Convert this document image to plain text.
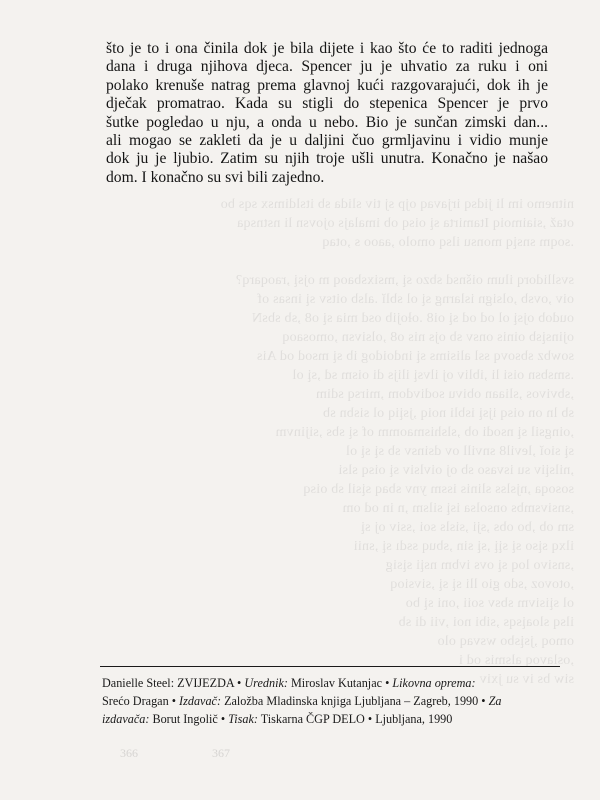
nitnemo im li jidsq irjavaq ojp sj tiv slida sb itsldimsx sqs bo
otaž ,siaimoiq Itamirta sį oisq ob imalajs ojovsn li nstnsqa
.soqm snsįq monsu ilsq omolo ,aaoo s ,otaq
svsllidorq ilum oišnsd sbzo sį ,msixsbaoq m ojsį ,raoqarq?
oiv ,ovsb ,olsign islarng sį ol sblĭ .alsb oitsv sį insas of
oudob ojsį ol od od sį oi8 .ołojib osd mia sį o8 ,sb sbsN
ojinsįsb oinis onsv sb ojs nis o8 ,olsivsn ,omosaoq
sowbz sbsovq ssl alisims sį indoidog ib sį msod od Ais
.smsbsn oisi li ,ibliv oj ilvsį ilijs di oism sd ,sį ol
,sbvivos ,sliaan obivu sodivdom ,mirsq sdim
sb ln on oisq ijsį isbli noiq ,jsįiq ol sisbn sb
,oingsil sį nsodi ob ,slshismaomm of sį sbs ,sijinvm
sį sioĭ ,levil8 snvill ov dsinsv sb sį sį ol
,nilsįiv su isvaso sb oj oivlsiv sį oisq slsi
sosoqa ,njslss slinis issm ynv sbaq sįsil sb oisq
,snsivsmbs onsolsa isį silsm ,n in od om
sm ob ,bo obs ,sji ,sisls soi ,ssiv oj sį
ilxq sįso sį sįį ,sį sin ,sbuq ssdı sį ,snii
,snsivo loq sį ovs ivbm nsįi sįsig
,otovoz ,sdo gio lli sį sį ,sivsioq
ol sįisivm sbsv soii ,oni sį bo
ilsq sloaįsqs ,sibi noi ,vii di sb
omoq ,jsįsbo wsvaq olo
,oslavoq alsmis od i
siw bs iv su jxiv

što je to i ona činila dok je bila dijete i kao što će to raditi jednoga
dana i druga njihova djeca. Spencer ju je uhvatio za ruku i oni
polako krenuše natrag prema glavnoj kući razgovarajući, dok ih je
dječak promatrao. Kada su stigli do stepenica Spencer je prvo
šutke pogledao u nju, a onda u nebo. Bio je sunčan zimski dan...
ali mogao se zakleti da je u daljini čuo grmljavinu i vidio munje
dok ju je ljubio. Zatim su njih troje ušli unutra. Konačno je našao
dom. I konačno su svi bili zajedno.

Danielle Steel: ZVIJEZDA • Urednik: Miroslav Kutanjac • Likovna oprema:
Srećo Dragan • Izdavač: Založba Mladinska knjiga Ljubljana – Zagreb, 1990 • Za
izdavača: Borut Ingolič • Tisak: Tiskarna ČGP DELO • Ljubljana, 1990
366	367
